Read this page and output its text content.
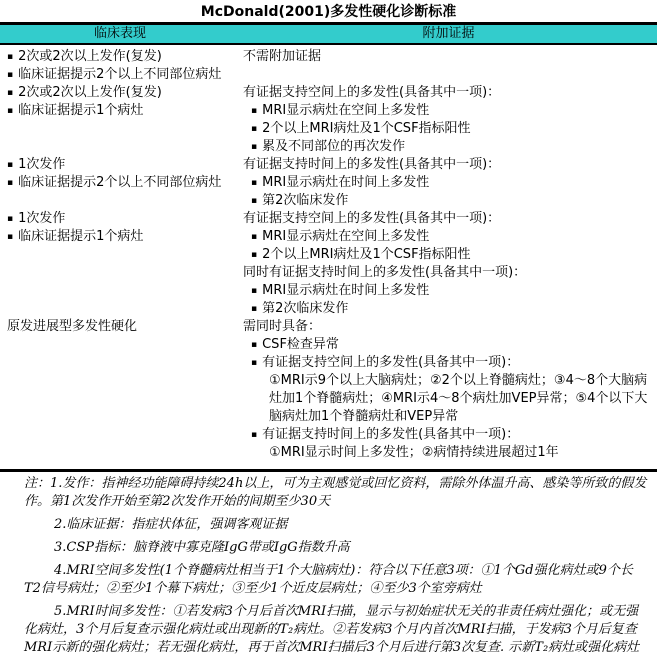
McDonald(2001)多发性硬化诊断标准
临床表现	附加证据
▪ 2次或2次以上发作(复发)
▪ 临床证据提示2个以上不同部位病灶
不需附加证据
▪ 2次或2次以上发作(复发)
▪ 临床证据提示1个病灶
有证据支持空间上的多发性(具备其中一项)：
▪ MRI显示病灶在空间上多发性
▪ 2个以上MRI病灶及1个CSF指标阳性
▪ 累及不同部位的再次发作
▪ 1次发作
▪ 临床证据提示2个以上不同部位病灶
有证据支持时间上的多发性(具备其中一项)：
▪ MRI显示病灶在时间上多发性
▪ 第2次临床发作
▪ 1次发作
▪ 临床证据提示1个病灶
有证据支持空间上的多发性(具备其中一项)：
▪ MRI显示病灶在空间上多发性
▪ 2个以上MRI病灶及1个CSF指标阳性
同时有证据支持时间上的多发性(具备其中一项)：
▪ MRI显示病灶在时间上多发性
▪ 第2次临床发作
原发进展型多发性硬化	需同时具备：
▪ CSF检查异常
▪ 有证据支持空间上的多发性(具备其中一项)：
①MRI示9个以上大脑病灶；②2个以上脊髓病灶；③4～8个大脑病灶加1个脊髓病灶；④MRI示4～8个病灶加VEP异常；⑤4个以下大脑病灶加1个脊髓病灶和VEP异常
▪ 有证据支持时间上的多发性(具备其中一项)：
①MRI显示时间上多发性；②病情持续进展超过1年
注：1.发作：指神经功能障碍持续24h以上，可为主观感觉或回忆资料，需除外体温升高、感染等所致的假发作。第1次发作开始至第2次发作开始的间期至少30天
2.临床证据：指症状体征，强调客观证据
3.CSP指标：脑脊液中寡克隆IgG带或IgG指数升高
4.MRI空间多发性(1个脊髓病灶相当于1个大脑病灶)：符合以下任意3项：①1个Gd强化病灶或9个长T2信号病灶；②至少1个幕下病灶；③至少1个近皮层病灶；④至少3个室旁病灶
5.MRI时间多发性：①若发病3个月后首次MRI扫描，显示与初始症状无关的非责任病灶强化；或无强化病灶，3个月后复查示强化病灶或出现新的T₂病灶。②若发病3个月内首次MRI扫描，于发病3个月后复查MRI示新的强化病灶；若无强化病灶，再于首次MRI扫描后3个月后进行第3次复查. 示新T₂病灶或强化病灶
